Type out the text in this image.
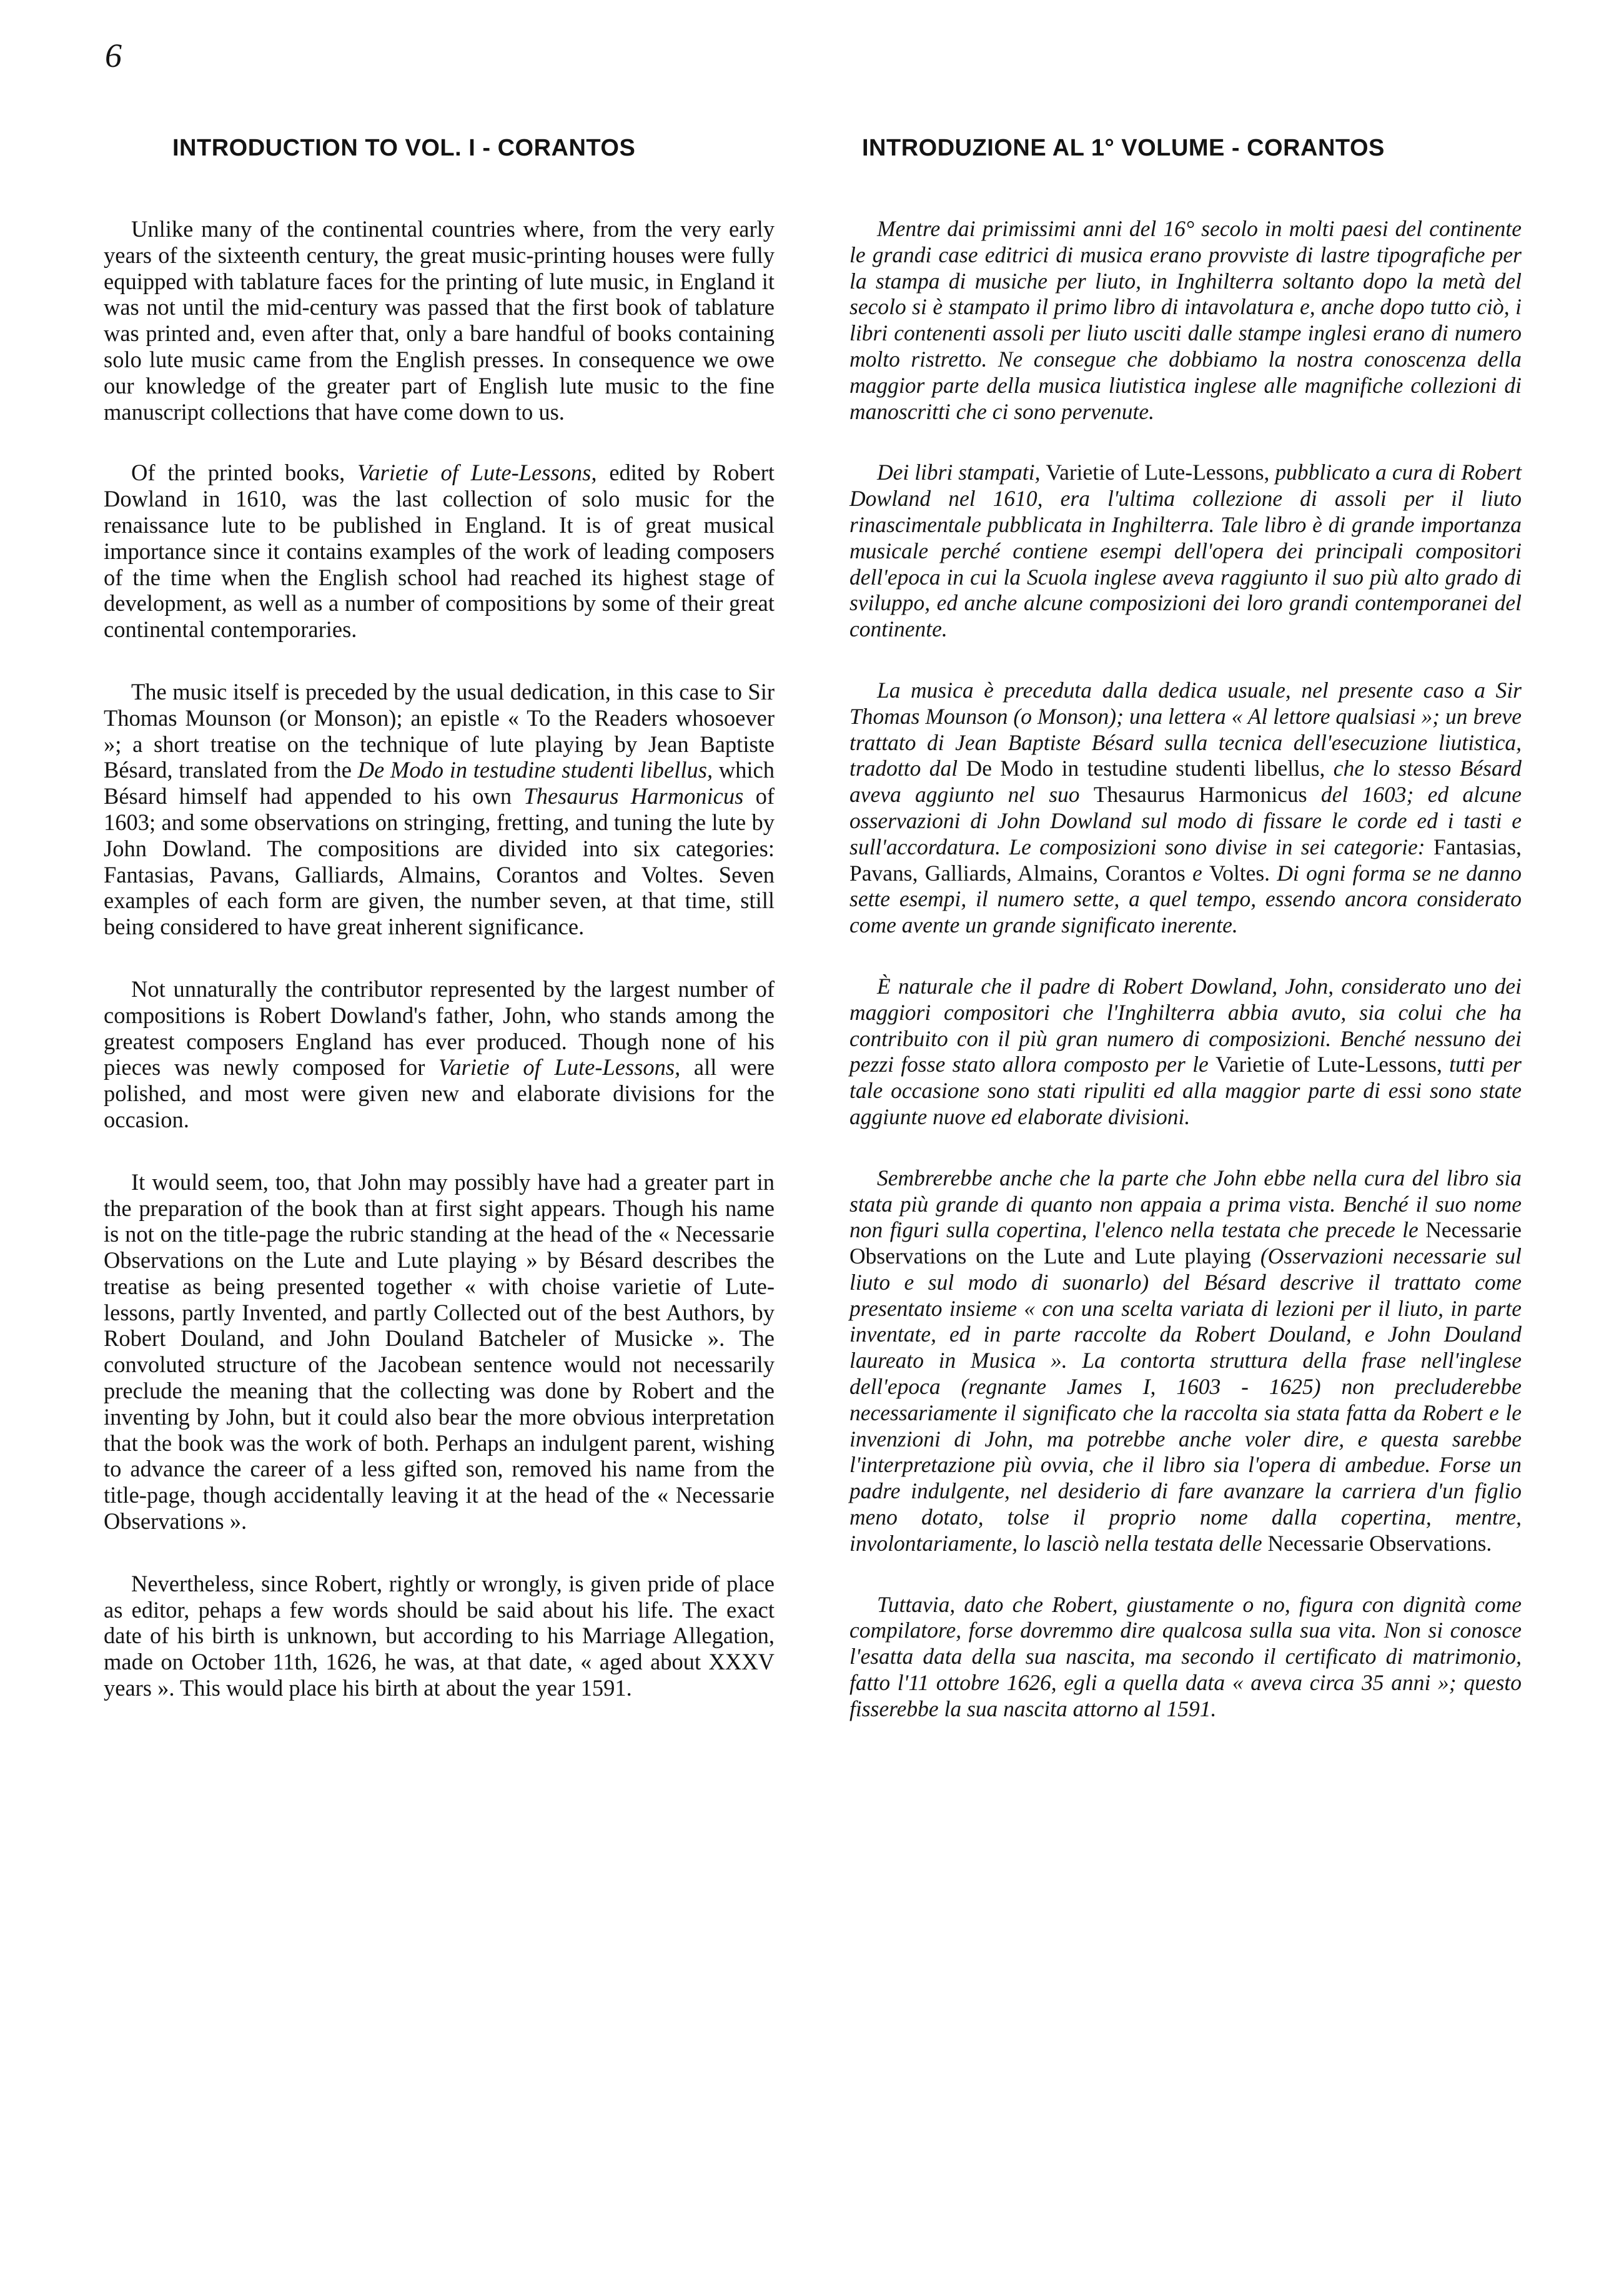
6
INTRODUCTION TO VOL. I - CORANTOS	INTRODUZIONE AL 1° VOLUME - CORANTOS

Unlike many of the continental countries where, from the very early years of the sixteenth century, the great music-printing houses were fully equipped with tablature faces for the printing of lute music, in England it was not until the mid-century was passed that the first book of tablature was printed and, even after that, only a bare handful of books containing solo lute music came from the English presses. In consequence we owe our knowledge of the greater part of English lute music to the fine manuscript collections that have come down to us.

Of the printed books, Varietie of Lute-Lessons, edited by Robert Dowland in 1610, was the last collection of solo music for the renaissance lute to be published in England. It is of great musical importance since it contains examples of the work of leading composers of the time when the English school had reached its highest stage of development, as well as a number of compositions by some of their great continental contemporaries.

The music itself is preceded by the usual dedication, in this case to Sir Thomas Mounson (or Monson); an epistle « To the Readers whosoever »; a short treatise on the technique of lute playing by Jean Baptiste Bésard, translated from the De Modo in testudine studenti libellus, which Bésard himself had appended to his own Thesaurus Harmonicus of 1603; and some observations on stringing, fretting, and tuning the lute by John Dowland. The compositions are divided into six categories: Fantasias, Pavans, Galliards, Almains, Corantos and Voltes. Seven examples of each form are given, the number seven, at that time, still being considered to have great inherent significance.

Not unnaturally the contributor represented by the largest number of compositions is Robert Dowland's father, John, who stands among the greatest composers England has ever produced. Though none of his pieces was newly composed for Varietie of Lute-Lessons, all were polished, and most were given new and elaborate divisions for the occasion.

It would seem, too, that John may possibly have had a greater part in the preparation of the book than at first sight appears. Though his name is not on the title-page the rubric standing at the head of the « Necessarie Observations on the Lute and Lute playing » by Bésard describes the treatise as being presented together « with choise varietie of Lute-lessons, partly Invented, and partly Collected out of the best Authors, by Robert Douland, and John Douland Batcheler of Musicke ». The convoluted structure of the Jacobean sentence would not necessarily preclude the meaning that the collecting was done by Robert and the inventing by John, but it could also bear the more obvious interpretation that the book was the work of both. Perhaps an indulgent parent, wishing to advance the career of a less gifted son, removed his name from the title-page, though accidentally leaving it at the head of the « Necessarie Observations ».

Nevertheless, since Robert, rightly or wrongly, is given pride of place as editor, pehaps a few words should be said about his life. The exact date of his birth is unknown, but according to his Marriage Allegation, made on October 11th, 1626, he was, at that date, « aged about XXXV years ». This would place his birth at about the year 1591.

Mentre dai primissimi anni del 16° secolo in molti paesi del continente le grandi case editrici di musica erano provviste di lastre tipografiche per la stampa di musiche per liuto, in Inghilterra soltanto dopo la metà del secolo si è stampato il primo libro di intavolatura e, anche dopo tutto ciò, i libri contenenti assoli per liuto usciti dalle stampe inglesi erano di numero molto ristretto. Ne consegue che dobbiamo la nostra conoscenza della maggior parte della musica liutistica inglese alle magnifiche collezioni di manoscritti che ci sono pervenute.

Dei libri stampati, Varietie of Lute-Lessons, pubblicato a cura di Robert Dowland nel 1610, era l'ultima collezione di assoli per il liuto rinascimentale pubblicata in Inghilterra. Tale libro è di grande importanza musicale perché contiene esempi dell'opera dei principali compositori dell'epoca in cui la Scuola inglese aveva raggiunto il suo più alto grado di sviluppo, ed anche alcune composizioni dei loro grandi contemporanei del continente.

La musica è preceduta dalla dedica usuale, nel presente caso a Sir Thomas Mounson (o Monson); una lettera « Al lettore qualsiasi »; un breve trattato di Jean Baptiste Bésard sulla tecnica dell'esecuzione liutistica, tradotto dal De Modo in testudine studenti libellus, che lo stesso Bésard aveva aggiunto nel suo Thesaurus Harmonicus del 1603; ed alcune osservazioni di John Dowland sul modo di fissare le corde ed i tasti e sull'accordatura. Le composizioni sono divise in sei categorie: Fantasias, Pavans, Galliards, Almains, Corantos e Voltes. Di ogni forma se ne danno sette esempi, il numero sette, a quel tempo, essendo ancora considerato come avente un grande significato inerente.

È naturale che il padre di Robert Dowland, John, considerato uno dei maggiori compositori che l'Inghilterra abbia avuto, sia colui che ha contribuito con il più gran numero di composizioni. Benché nessuno dei pezzi fosse stato allora composto per le Varietie of Lute-Lessons, tutti per tale occasione sono stati ripuliti ed alla maggior parte di essi sono state aggiunte nuove ed elaborate divisioni.

Sembrerebbe anche che la parte che John ebbe nella cura del libro sia stata più grande di quanto non appaia a prima vista. Benché il suo nome non figuri sulla copertina, l'elenco nella testata che precede le Necessarie Observations on the Lute and Lute playing (Osservazioni necessarie sul liuto e sul modo di suonarlo) del Bésard descrive il trattato come presentato insieme « con una scelta variata di lezioni per il liuto, in parte inventate, ed in parte raccolte da Robert Douland, e John Douland laureato in Musica ». La contorta struttura della frase nell'inglese dell'epoca (regnante James I, 1603 - 1625) non precluderebbe necessariamente il significato che la raccolta sia stata fatta da Robert e le invenzioni di John, ma potrebbe anche voler dire, e questa sarebbe l'interpretazione più ovvia, che il libro sia l'opera di ambedue. Forse un padre indulgente, nel desiderio di fare avanzare la carriera d'un figlio meno dotato, tolse il proprio nome dalla copertina, mentre, involontariamente, lo lasciò nella testata delle Necessarie Observations.

Tuttavia, dato che Robert, giustamente o no, figura con dignità come compilatore, forse dovremmo dire qualcosa sulla sua vita. Non si conosce l'esatta data della sua nascita, ma secondo il certificato di matrimonio, fatto l'11 ottobre 1626, egli a quella data « aveva circa 35 anni »; questo fisserebbe la sua nascita attorno al 1591.
